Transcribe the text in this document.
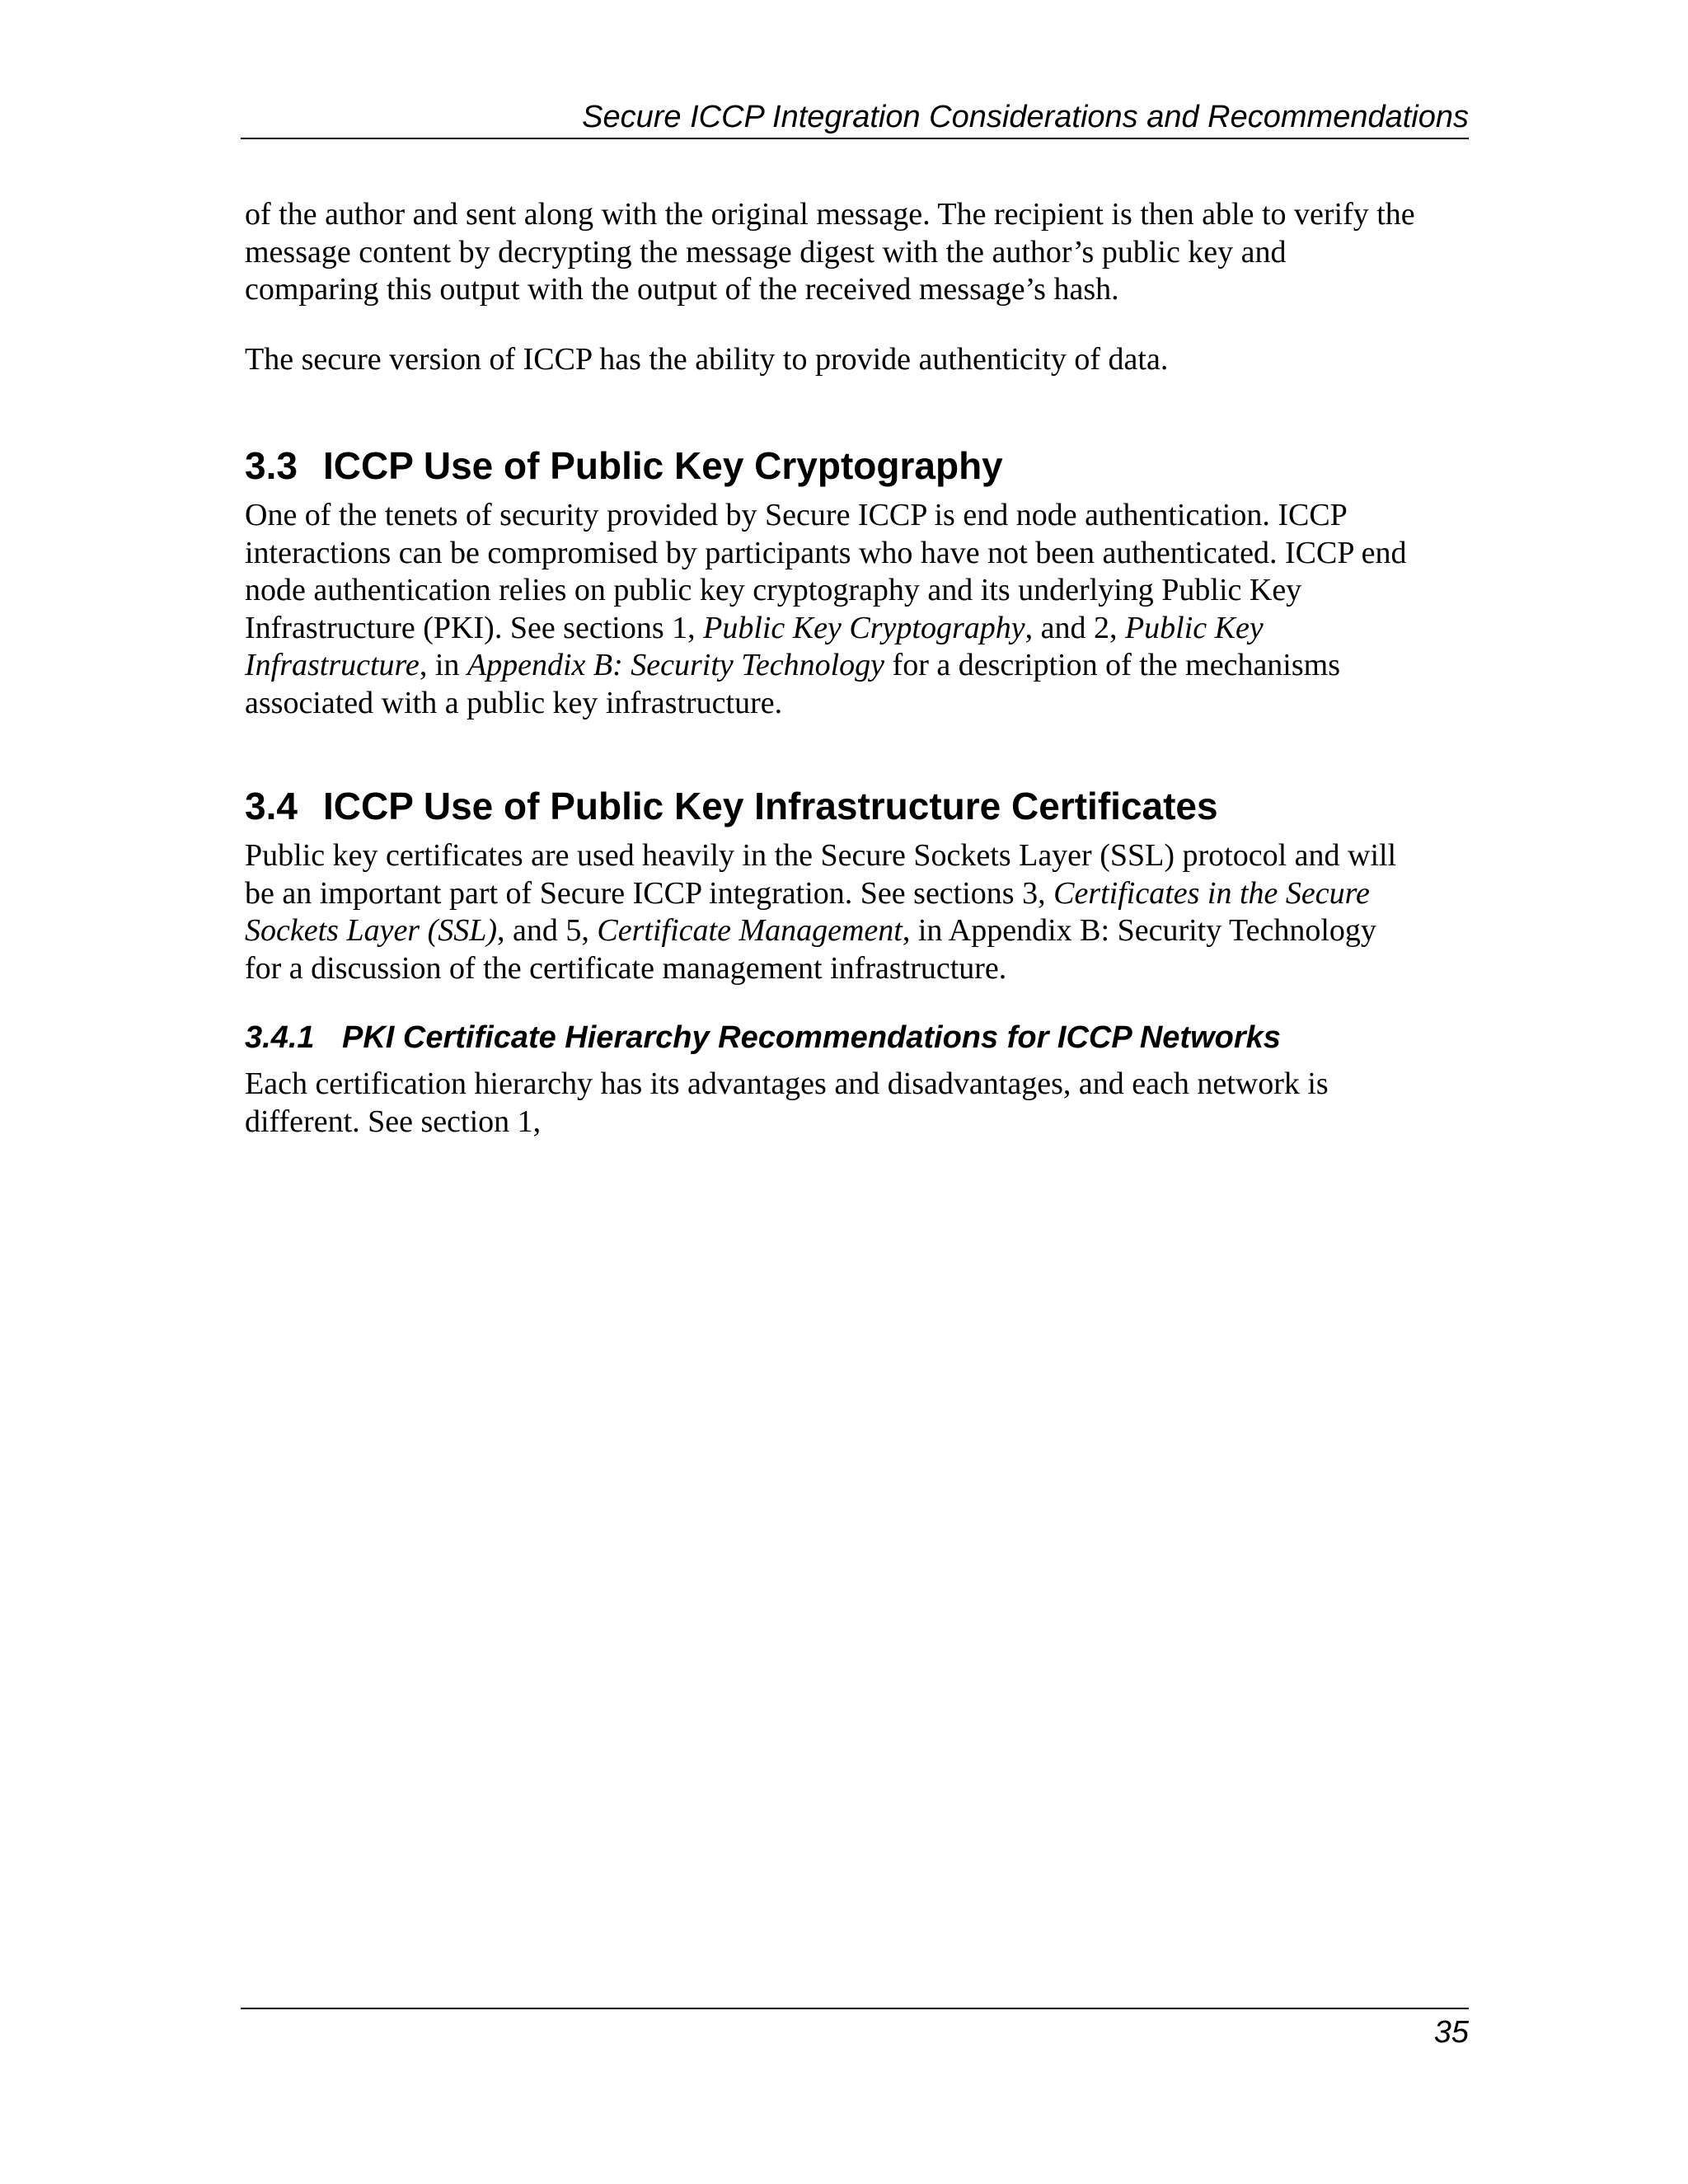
Secure ICCP Integration Considerations and Recommendations

of the author and sent along with the original message. The recipient is then able to verify the
message content by decrypting the message digest with the author’s public key and
comparing this output with the output of the received message’s hash.

The secure version of ICCP has the ability to provide authenticity of data.

3.3 ICCP Use of Public Key Cryptography

One of the tenets of security provided by Secure ICCP is end node authentication. ICCP
interactions can be compromised by participants who have not been authenticated. ICCP end
node authentication relies on public key cryptography and its underlying Public Key
Infrastructure (PKI). See sections 1, Public Key Cryptography, and 2, Public Key
Infrastructure, in Appendix B: Security Technology for a description of the mechanisms
associated with a public key infrastructure.

3.4 ICCP Use of Public Key Infrastructure Certificates

Public key certificates are used heavily in the Secure Sockets Layer (SSL) protocol and will
be an important part of Secure ICCP integration. See sections 3, Certificates in the Secure
Sockets Layer (SSL), and 5, Certificate Management, in Appendix B: Security Technology
for a discussion of the certificate management infrastructure.

3.4.1 PKI Certificate Hierarchy Recommendations for ICCP Networks

Each certification hierarchy has its advantages and disadvantages, and each network is
different. See section 1,

35
